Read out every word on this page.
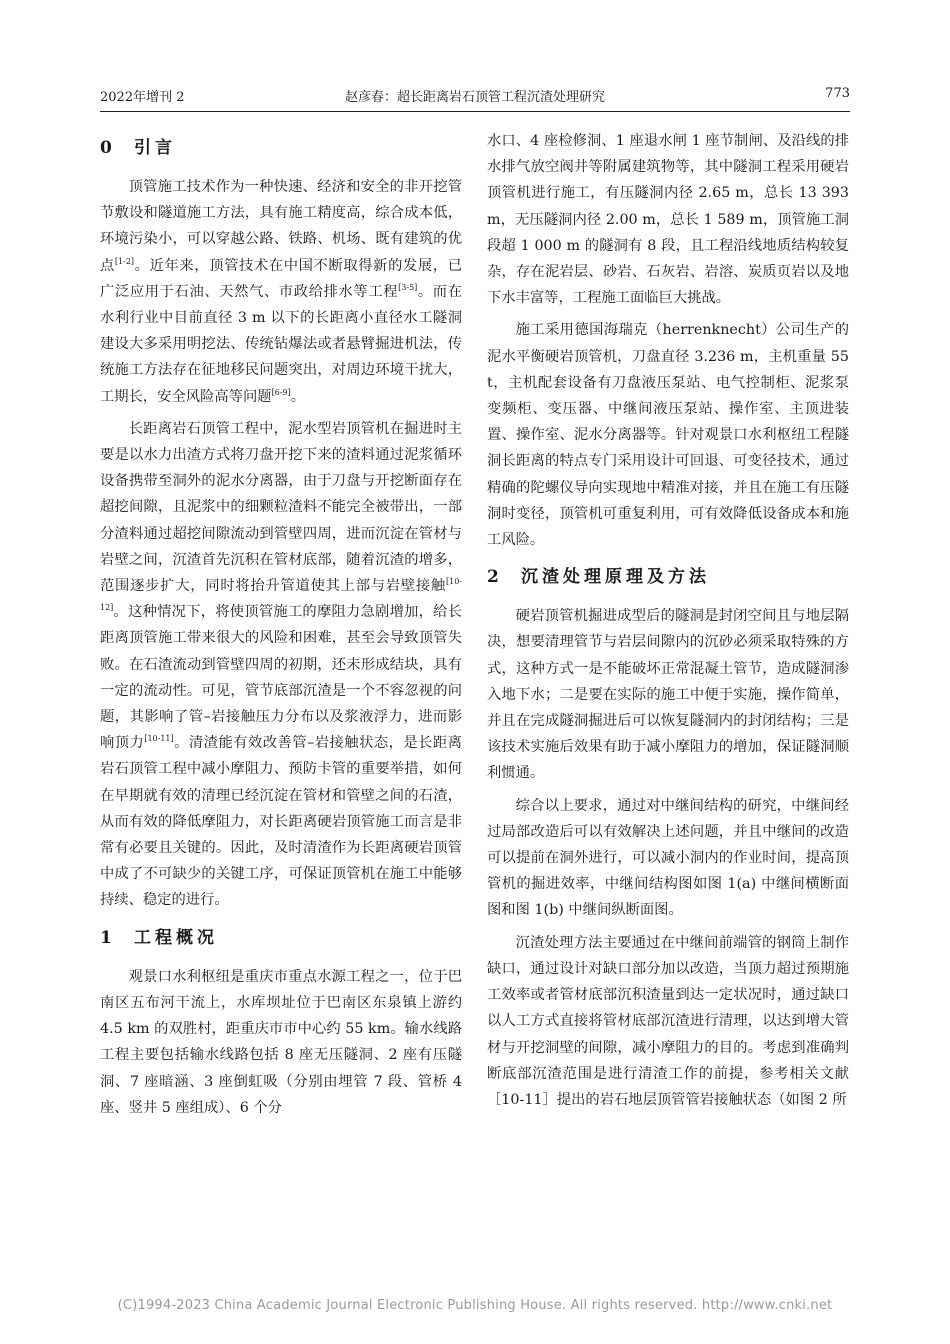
2022年增刊 2	赵彦春：超长距离岩石顶管工程沉渣处理研究	773
0 引言

顶管施工技术作为一种快速、经济和安全的非开挖管节敷设和隧道施工方法，具有施工精度高，综合成本低，环境污染小，可以穿越公路、铁路、机场、既有建筑的优点[1-2]。近年来，顶管技术在中国不断取得新的发展，已广泛应用于石油、天然气、市政给排水等工程[3-5]。而在水利行业中目前直径 3 m 以下的长距离小直径水工隧洞建设大多采用明挖法、传统钻爆法或者悬臂掘进机法，传统施工方法存在征地移民问题突出，对周边环境干扰大，工期长，安全风险高等问题[6-9]。

长距离岩石顶管工程中，泥水型岩顶管机在掘进时主要是以水力出渣方式将刀盘开挖下来的渣料通过泥浆循环设备携带至洞外的泥水分离器，由于刀盘与开挖断面存在超挖间隙，且泥浆中的细颗粒渣料不能完全被带出，一部分渣料通过超挖间隙流动到管壁四周，进而沉淀在管材与岩壁之间，沉渣首先沉积在管材底部，随着沉渣的增多，范围逐步扩大，同时将抬升管道使其上部与岩壁接触[10-12]。这种情况下，将使顶管施工的摩阻力急剧增加，给长距离顶管施工带来很大的风险和困难，甚至会导致顶管失败。在石渣流动到管壁四周的初期，还未形成结块，具有一定的流动性。可见，管节底部沉渣是一个不容忽视的问题，其影响了管–岩接触压力分布以及浆液浮力，进而影响顶力[10-11]。清渣能有效改善管–岩接触状态，是长距离岩石顶管工程中减小摩阻力、预防卡管的重要举措，如何在早期就有效的清理已经沉淀在管材和管壁之间的石渣，从而有效的降低摩阻力，对长距离硬岩顶管施工而言是非常有必要且关键的。因此，及时清渣作为长距离硬岩顶管中成了不可缺少的关键工序，可保证顶管机在施工中能够持续、稳定的进行。

1 工程概况

观景口水利枢纽是重庆市重点水源工程之一，位于巴南区五布河干流上，水库坝址位于巴南区东泉镇上游约 4.5 km 的双胜村，距重庆市市中心约 55 km。输水线路工程主要包括输水线路包括 8 座无压隧洞、2 座有压隧洞、7 座暗涵、3 座倒虹吸（分别由埋管 7 段、管桥 4 座、竖井 5 座组成）、6 个分

水口、4 座检修洞、1 座退水闸 1 座节制闸、及沿线的排水排气放空阀井等附属建筑物等，其中隧洞工程采用硬岩顶管机进行施工，有压隧洞内径 2.65 m，总长 13 393 m，无压隧洞内径 2.00 m，总长 1 589 m，顶管施工洞段超 1 000 m 的隧洞有 8 段，且工程沿线地质结构较复杂，存在泥岩层、砂岩、石灰岩、岩溶、炭质页岩以及地下水丰富等，工程施工面临巨大挑战。

施工采用德国海瑞克（herrenknecht）公司生产的泥水平衡硬岩顶管机，刀盘直径 3.236 m，主机重量 55 t，主机配套设备有刀盘液压泵站、电气控制柜、泥浆泵变频柜、变压器、中继间液压泵站、操作室、主顶进装置、操作室、泥水分离器等。针对观景口水利枢纽工程隧洞长距离的特点专门采用设计可回退、可变径技术，通过精确的陀螺仪导向实现地中精准对接，并且在施工有压隧洞时变径，顶管机可重复利用，可有效降低设备成本和施工风险。

2 沉渣处理原理及方法

硬岩顶管机掘进成型后的隧洞是封闭空间且与地层隔决，想要清理管节与岩层间隙内的沉砂必须采取特殊的方式，这种方式一是不能破坏正常混凝土管节，造成隧洞渗入地下水；二是要在实际的施工中便于实施，操作简单，并且在完成隧洞掘进后可以恢复隧洞内的封闭结构；三是该技术实施后效果有助于减小摩阻力的增加，保证隧洞顺利惯通。

综合以上要求，通过对中继间结构的研究，中继间经过局部改造后可以有效解决上述问题，并且中继间的改造可以提前在洞外进行，可以减小洞内的作业时间，提高顶管机的掘进效率，中继间结构图如图 1(a) 中继间横断面图和图 1(b) 中继间纵断面图。

沉渣处理方法主要通过在中继间前端管的钢筒上制作缺口，通过设计对缺口部分加以改造，当顶力超过预期施工效率或者管材底部沉积渣量到达一定状况时，通过缺口以人工方式直接将管材底部沉渣进行清理，以达到增大管材与开挖洞壁的间隙，减小摩阻力的目的。考虑到准确判断底部沉渣范围是进行清渣工作的前提，参考相关文献［10-11］提出的岩石地层顶管管岩接触状态（如图 2 所

(C)1994-2023 China Academic Journal Electronic Publishing House. All rights reserved. http://www.cnki.net
